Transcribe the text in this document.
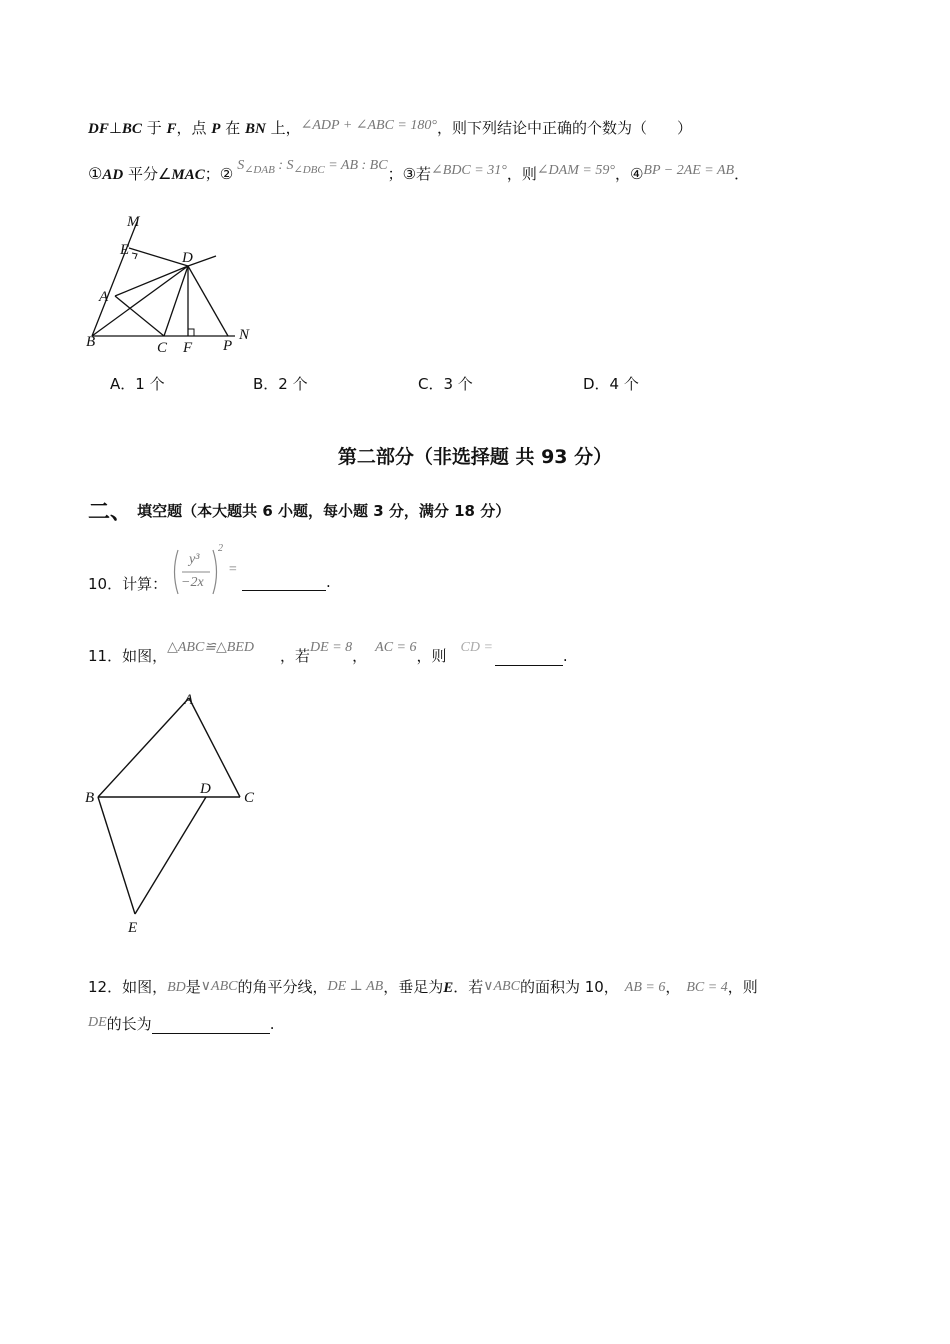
DF⊥BC 于 F，点 P 在 BN 上，∠ADP + ∠ABC = 180°，则下列结论中正确的个数为（　　）
①AD 平分∠MAC；② $S_{\angle DAB}$ : $S_{\angle DBC}$ = AB : BC；③若∠BDC = 31°，则∠DAM = 59°，④BP − 2AE = AB．
M
E	D
A
B	C F P
N
A．1 个	B．2 个	C．3 个	D．4 个
第二部分（非选择题 共 93 分）
二、 填空题（本大题共 6 小题，每小题 3 分，满分 18 分）
10．计算：
y³
−2x
2
=
.
11．如图，△ABC≌△BED ，若DE = 8， AC = 6，则 CD =	.
A
B	C
D
E
12．如图，BD是∨ABC的角平分线，DE ⊥ AB，垂足为E．若∨ABC的面积为 10， AB = 6， BC = 4，则
DE的长为	.
